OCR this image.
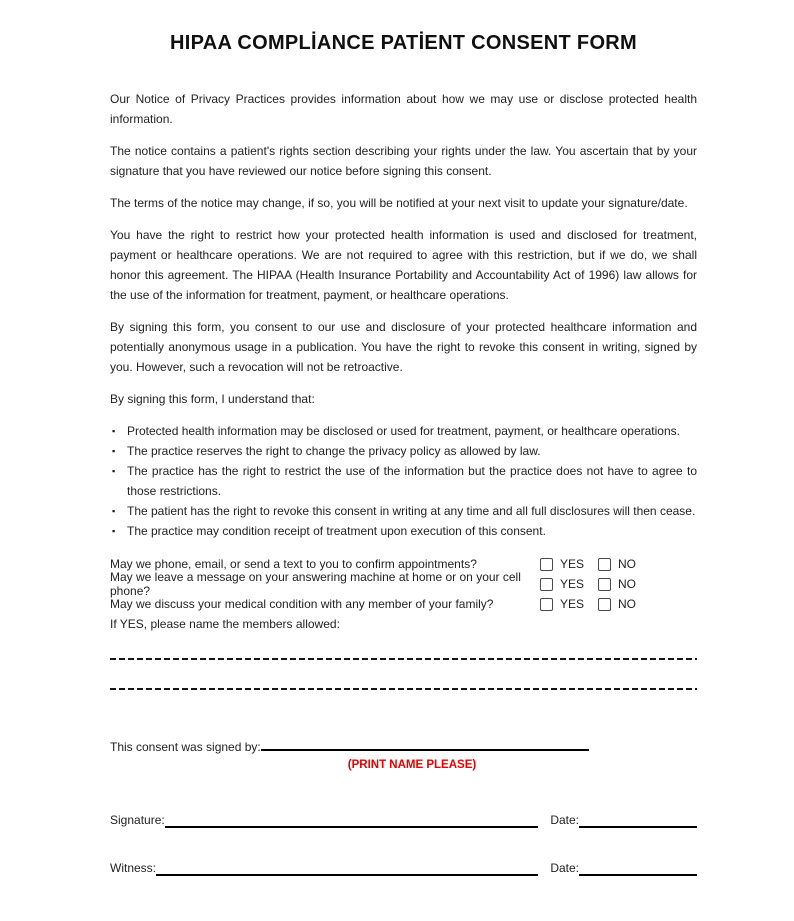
HIPAA COMPLİANCE PATİENT CONSENT FORM

Our Notice of Privacy Practices provides information about how we may use or disclose protected health information.

The notice contains a patient's rights section describing your rights under the law. You ascertain that by your signature that you have reviewed our notice before signing this consent.

The terms of the notice may change, if so, you will be notified at your next visit to update your signature/date.

You have the right to restrict how your protected health information is used and disclosed for treatment, payment or healthcare operations. We are not required to agree with this restriction, but if we do, we shall honor this agreement. The HIPAA (Health Insurance Portability and Accountability Act of 1996) law allows for the use of the information for treatment, payment, or healthcare operations.

By signing this form, you consent to our use and disclosure of your protected healthcare information and potentially anonymous usage in a publication. You have the right to revoke this consent in writing, signed by you. However, such a revocation will not be retroactive.

By signing this form, I understand that:

▪ Protected health information may be disclosed or used for treatment, payment, or healthcare operations.
▪ The practice reserves the right to change the privacy policy as allowed by law.
▪ The practice has the right to restrict the use of the information but the practice does not have to agree to those restrictions.
▪ The patient has the right to revoke this consent in writing at any time and all full disclosures will then cease.
▪ The practice may condition receipt of treatment upon execution of this consent.
May we phone, email, or send a text to you to confirm appointments?	YES	NO
May we leave a message on your answering machine at home or on your cell phone?	YES	NO
May we discuss your medical condition with any member of your family?	YES	NO

If YES, please name the members allowed:

This consent was signed by:
(PRINT NAME PLEASE)
Signature:	Date:
Witness:	Date:
